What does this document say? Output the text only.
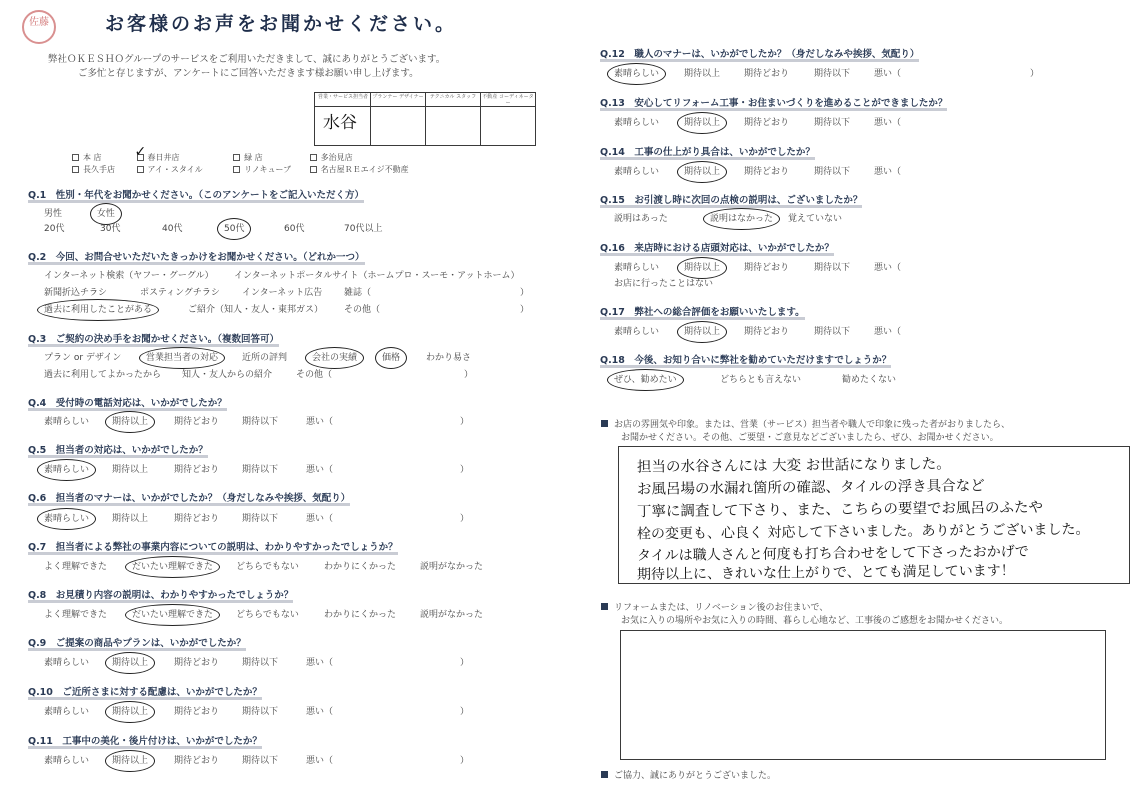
佐藤	お客様のお声をお聞かせください。
弊社ＯＫＥＳＨＯグループのサービスをご利用いただきまして、誠にありがとうございます。
ご多忙と存じますが、アンケートにご回答いただきます様お願い申し上げます。
営業・サービス担当者 プランナー デザイナー	テクニカル スタッフ	不動産 コーディネーター
水谷
本 店 ✓ 春日井店	緑 店	多治見店
長久手店	アイ・スタイル	リノキューブ	名古屋ＲＥエイジ不動産
Q.1　性別・年代をお聞かせください。（このアンケートをご記入いただく方）
男性	女性
20代	30代	40代	50代	60代	70代以上
Q.2　今回、お問合せいただいたきっかけをお聞かせください。（どれか一つ）
インターネット検索（ヤフー・グーグル） インターネットポータルサイト（ホームプロ・スーモ・アットホーム）
新聞折込チラシ	ポスティングチラシ インターネット広告 雑誌（	）
過去に利用したことがある	ご紹介（知人・友人・東邦ガス） その他（	）
Q.3　ご契約の決め手をお聞かせください。（複数回答可）
プラン or デザイン	営業担当者の対応	近所の評判	会社の実績	価格	わかり易さ
過去に利用してよかったから 知人・友人からの紹介	その他（	）
Q.4　受付時の電話対応は、いかがでしたか？
素晴らしい	期待以上	期待どおり	期待以下	悪い（	）
Q.5　担当者の対応は、いかがでしたか？
素晴らしい	期待以上	期待どおり	期待以下	悪い（	）
Q.6　担当者のマナーは、いかがでしたか？（身だしなみや挨拶、気配り）
素晴らしい	期待以上	期待どおり	期待以下	悪い（	）
Q.7　担当者による弊社の事業内容についての説明は、わかりやすかったでしょうか？
よく理解できた	だいたい理解できた	どちらでもない	わかりにくかった	説明がなかった
Q.8　お見積り内容の説明は、わかりやすかったでしょうか？
よく理解できた	だいたい理解できた	どちらでもない	わかりにくかった	説明がなかった
Q.9　ご提案の商品やプランは、いかがでしたか？
素晴らしい	期待以上	期待どおり	期待以下	悪い（	）
Q.10　ご近所さまに対する配慮は、いかがでしたか？
素晴らしい	期待以上	期待どおり	期待以下	悪い（	）
Q.11　工事中の美化・後片付けは、いかがでしたか？
素晴らしい	期待以上	期待どおり	期待以下	悪い（	）
Q.12　職人のマナーは、いかがでしたか？（身だしなみや挨拶、気配り）
素晴らしい	期待以上	期待どおり	期待以下	悪い（	）
Q.13　安心してリフォーム工事・お住まいづくりを進めることができましたか？
素晴らしい	期待以上	期待どおり	期待以下	悪い（
Q.14　工事の仕上がり具合は、いかがでしたか？
素晴らしい	期待以上	期待どおり	期待以下	悪い（
Q.15　お引渡し時に次回の点検の説明は、ございましたか？
説明はあった	説明はなかった 覚えていない
Q.16　来店時における店頭対応は、いかがでしたか？
素晴らしい	期待以上	期待どおり	期待以下	悪い（
お店に行ったことはない
Q.17　弊社への総合評価をお願いいたします。
素晴らしい	期待以上	期待どおり	期待以下	悪い（
Q.18　今後、お知り合いに弊社を勧めていただけますでしょうか？
ぜひ、勧めたい	どちらとも言えない	勧めたくない
お店の雰囲気や印象。または、営業（サービス）担当者や職人で印象に残った者がおりましたら、
お聞かせください。その他、ご要望・ご意見などございましたら、ぜひ、お聞かせください。
担当の水谷さんには 大変 お世話になりました。
お風呂場の水漏れ箇所の確認、タイルの浮き具合など
丁寧に調査して下さり、また、こちらの要望でお風呂のふたや
栓の変更も、心良く 対応して下さいました。ありがとうございました。
タイルは職人さんと何度も打ち合わせをして下さったおかげで
期待以上に、きれいな仕上がりで、とても満足しています！
リフォームまたは、リノベーション後のお住まいで、
お気に入りの場所やお気に入りの時間、暮らし心地など、工事後のご感想をお聞かせください。
ご協力、誠にありがとうございました。
